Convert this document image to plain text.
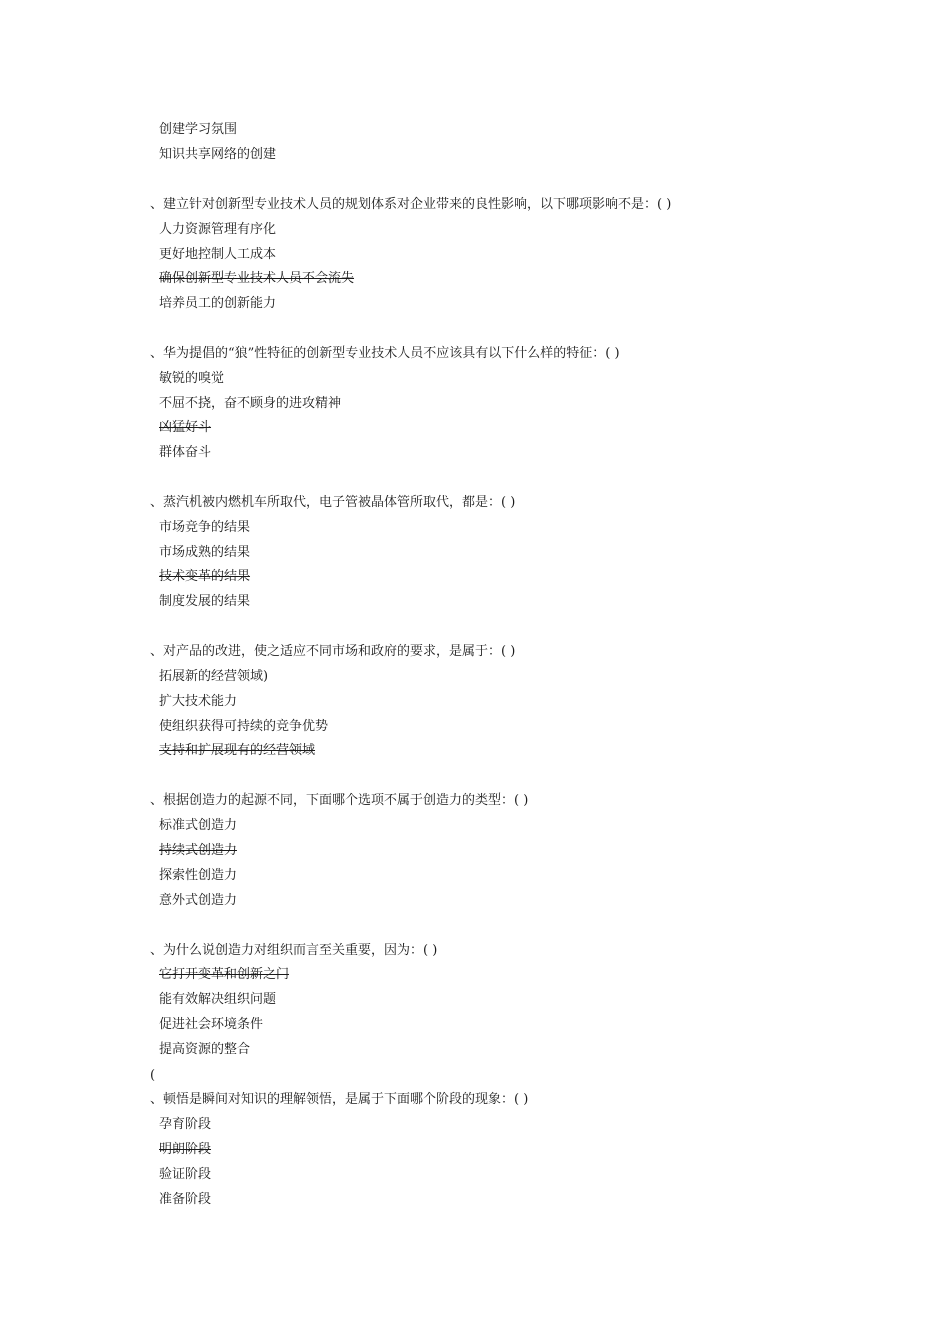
创建学习氛围
知识共享网络的创建
、建立针对创新型专业技术人员的规划体系对企业带来的良性影响，以下哪项影响不是：( )
人力资源管理有序化
更好地控制人工成本
确保创新型专业技术人员不会流失
培养员工的创新能力
、华为提倡的“狼”性特征的创新型专业技术人员不应该具有以下什么样的特征：( )
敏锐的嗅觉
不屈不挠，奋不顾身的进攻精神
凶猛好斗
群体奋斗
、蒸汽机被内燃机车所取代，电子管被晶体管所取代，都是：( )
市场竞争的结果
市场成熟的结果
技术变革的结果
制度发展的结果
、对产品的改进，使之适应不同市场和政府的要求，是属于：( )
拓展新的经营领域)
扩大技术能力
使组织获得可持续的竞争优势
支持和扩展现有的经营领域
、根据创造力的起源不同，下面哪个选项不属于创造力的类型：( )
标准式创造力
持续式创造力
探索性创造力
意外式创造力
、为什么说创造力对组织而言至关重要，因为：( )
它打开变革和创新之门
能有效解决组织问题
促进社会环境条件
提高资源的整合
(
、顿悟是瞬间对知识的理解领悟，是属于下面哪个阶段的现象：( )
孕育阶段
明朗阶段
验证阶段
准备阶段
